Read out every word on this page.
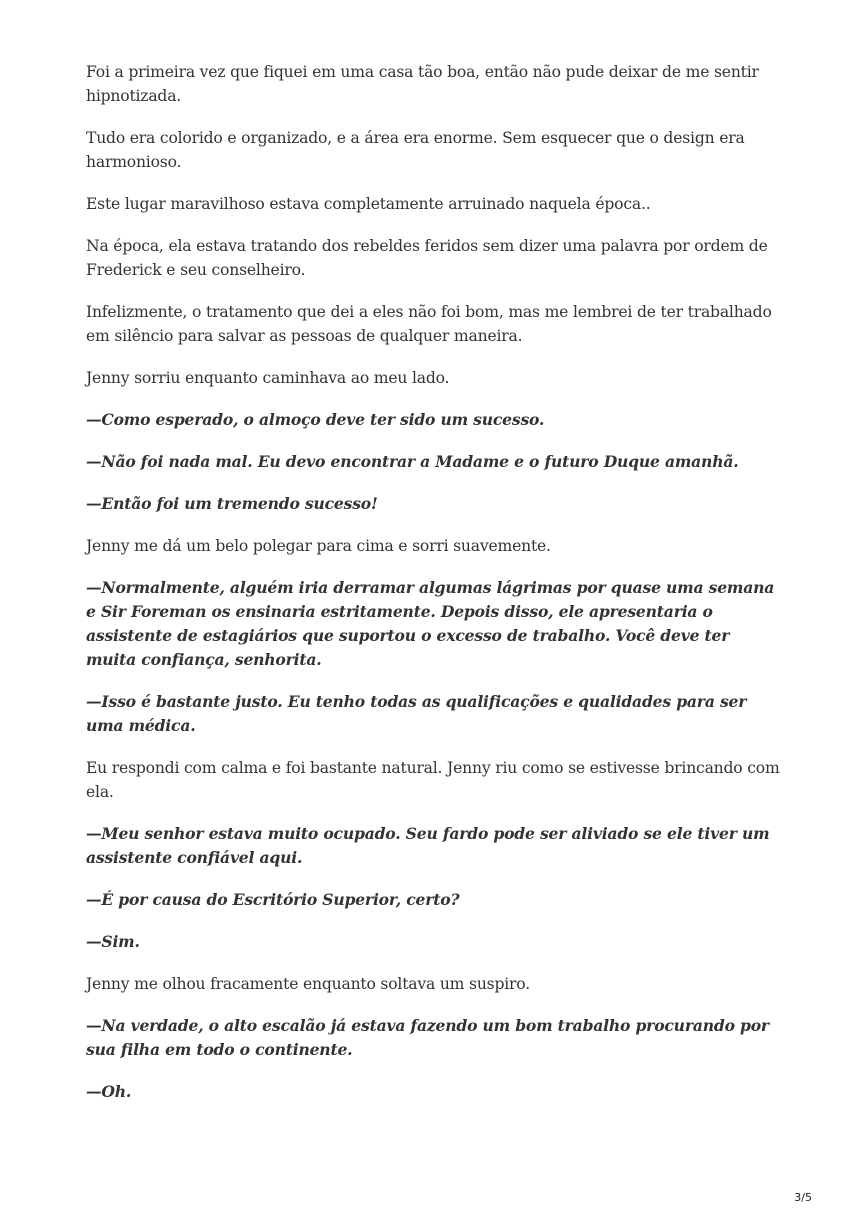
Foi a primeira vez que fiquei em uma casa tão boa, então não pude deixar de me sentir hipnotizada.

Tudo era colorido e organizado, e a área era enorme. Sem esquecer que o design era harmonioso.

Este lugar maravilhoso estava completamente arruinado naquela época..

Na época, ela estava tratando dos rebeldes feridos sem dizer uma palavra por ordem de Frederick e seu conselheiro.

Infelizmente, o tratamento que dei a eles não foi bom, mas me lembrei de ter trabalhado em silêncio para salvar as pessoas de qualquer maneira.

Jenny sorriu enquanto caminhava ao meu lado.

—Como esperado, o almoço deve ter sido um sucesso.

—Não foi nada mal. Eu devo encontrar a Madame e o futuro Duque amanhã.

—Então foi um tremendo sucesso!

Jenny me dá um belo polegar para cima e sorri suavemente.

—Normalmente, alguém iria derramar algumas lágrimas por quase uma semana e Sir Foreman os ensinaria estritamente. Depois disso, ele apresentaria o assistente de estagiários que suportou o excesso de trabalho. Você deve ter muita confiança, senhorita.

—Isso é bastante justo. Eu tenho todas as qualificações e qualidades para ser uma médica.

Eu respondi com calma e foi bastante natural. Jenny riu como se estivesse brincando com ela.

—Meu senhor estava muito ocupado. Seu fardo pode ser aliviado se ele tiver um assistente confiável aqui.

—É por causa do Escritório Superior, certo?

—Sim.

Jenny me olhou fracamente enquanto soltava um suspiro.

—Na verdade, o alto escalão já estava fazendo um bom trabalho procurando por sua filha em todo o continente.

—Oh.

3/5
